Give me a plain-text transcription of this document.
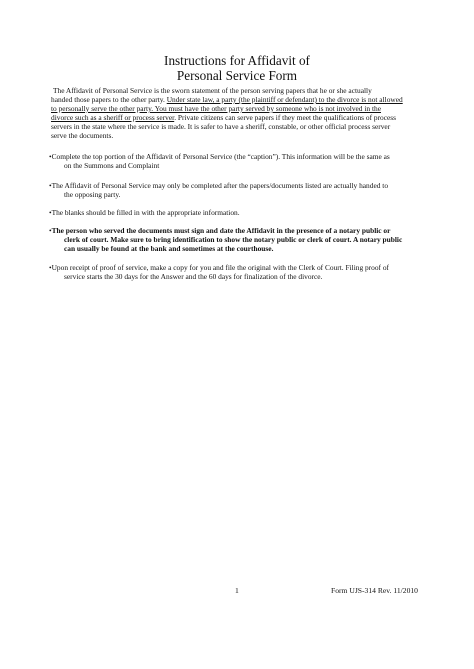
Instructions for Affidavit of
Personal Service Form
The Affidavit of Personal Service is the sworn statement of the person serving papers that he or she actually
handed those papers to the other party. Under state law, a party (the plaintiff or defendant) to the divorce is not allowed
to personally serve the other party. You must have the other party served by someone who is not involved in the
divorce such as a sheriff or process server. Private citizens can serve papers if they meet the qualifications of process
servers in the state where the service is made. It is safer to have a sheriff, constable, or other official process server
serve the documents.
•Complete the top portion of the Affidavit of Personal Service (the “caption”). This information will be the same as
on the Summons and Complaint
•The Affidavit of Personal Service may only be completed after the papers/documents listed are actually handed to
the opposing party.
•The blanks should be filled in with the appropriate information.
•The person who served the documents must sign and date the Affidavit in the presence of a notary public or
clerk of court. Make sure to bring identification to show the notary public or clerk of court. A notary public
can usually be found at the bank and sometimes at the courthouse.
•Upon receipt of proof of service, make a copy for you and file the original with the Clerk of Court. Filing proof of
service starts the 30 days for the Answer and the 60 days for finalization of the divorce.
1	Form UJS-314 Rev. 11/2010
